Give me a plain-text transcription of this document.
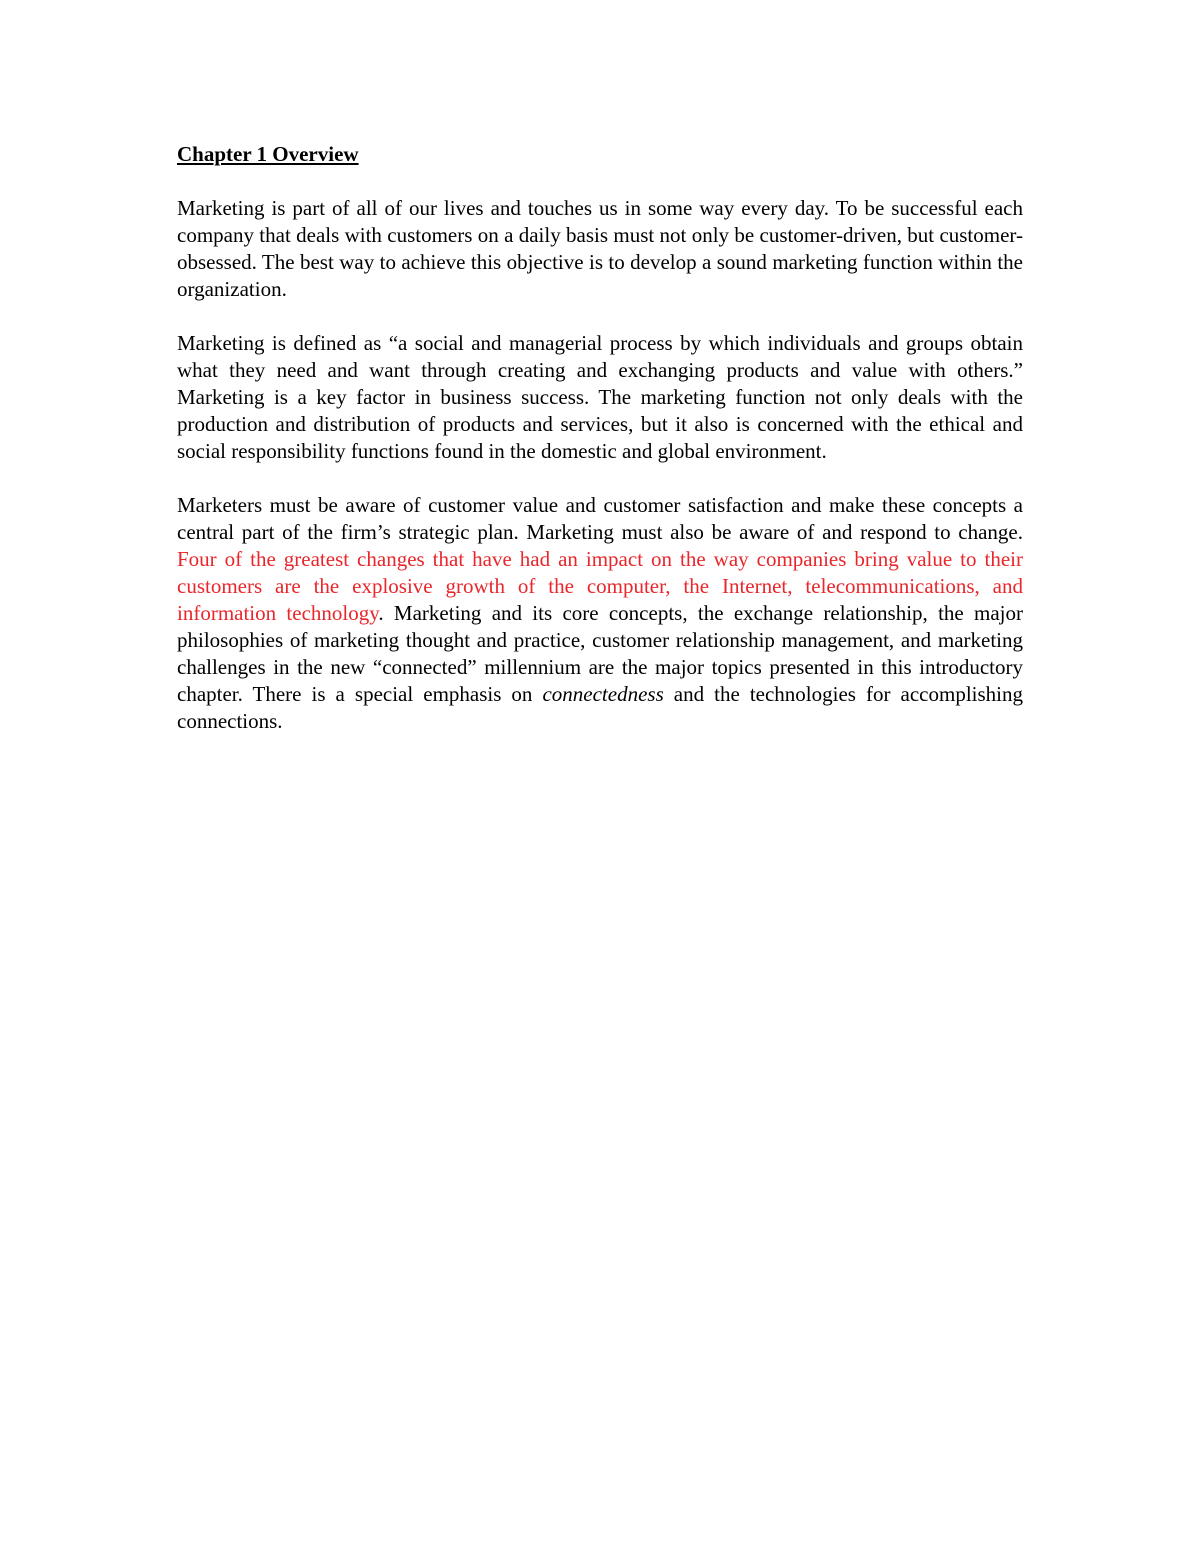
Chapter 1 Overview

Marketing is part of all of our lives and touches us in some way every day. To be successful each company that deals with customers on a daily basis must not only be customer-driven, but customer-obsessed. The best way to achieve this objective is to develop a sound marketing function within the organization.

Marketing is defined as “a social and managerial process by which individuals and groups obtain what they need and want through creating and exchanging products and value with others.” Marketing is a key factor in business success. The marketing function not only deals with the production and distribution of products and services, but it also is concerned with the ethical and social responsibility functions found in the domestic and global environment.

Marketers must be aware of customer value and customer satisfaction and make these concepts a central part of the firm’s strategic plan. Marketing must also be aware of and respond to change. Four of the greatest changes that have had an impact on the way companies bring value to their customers are the explosive growth of the computer, the Internet, telecommunications, and information technology. Marketing and its core concepts, the exchange relationship, the major philosophies of marketing thought and practice, customer relationship management, and marketing challenges in the new “connected” millennium are the major topics presented in this introductory chapter. There is a special emphasis on connectedness and the technologies for accomplishing connections.
